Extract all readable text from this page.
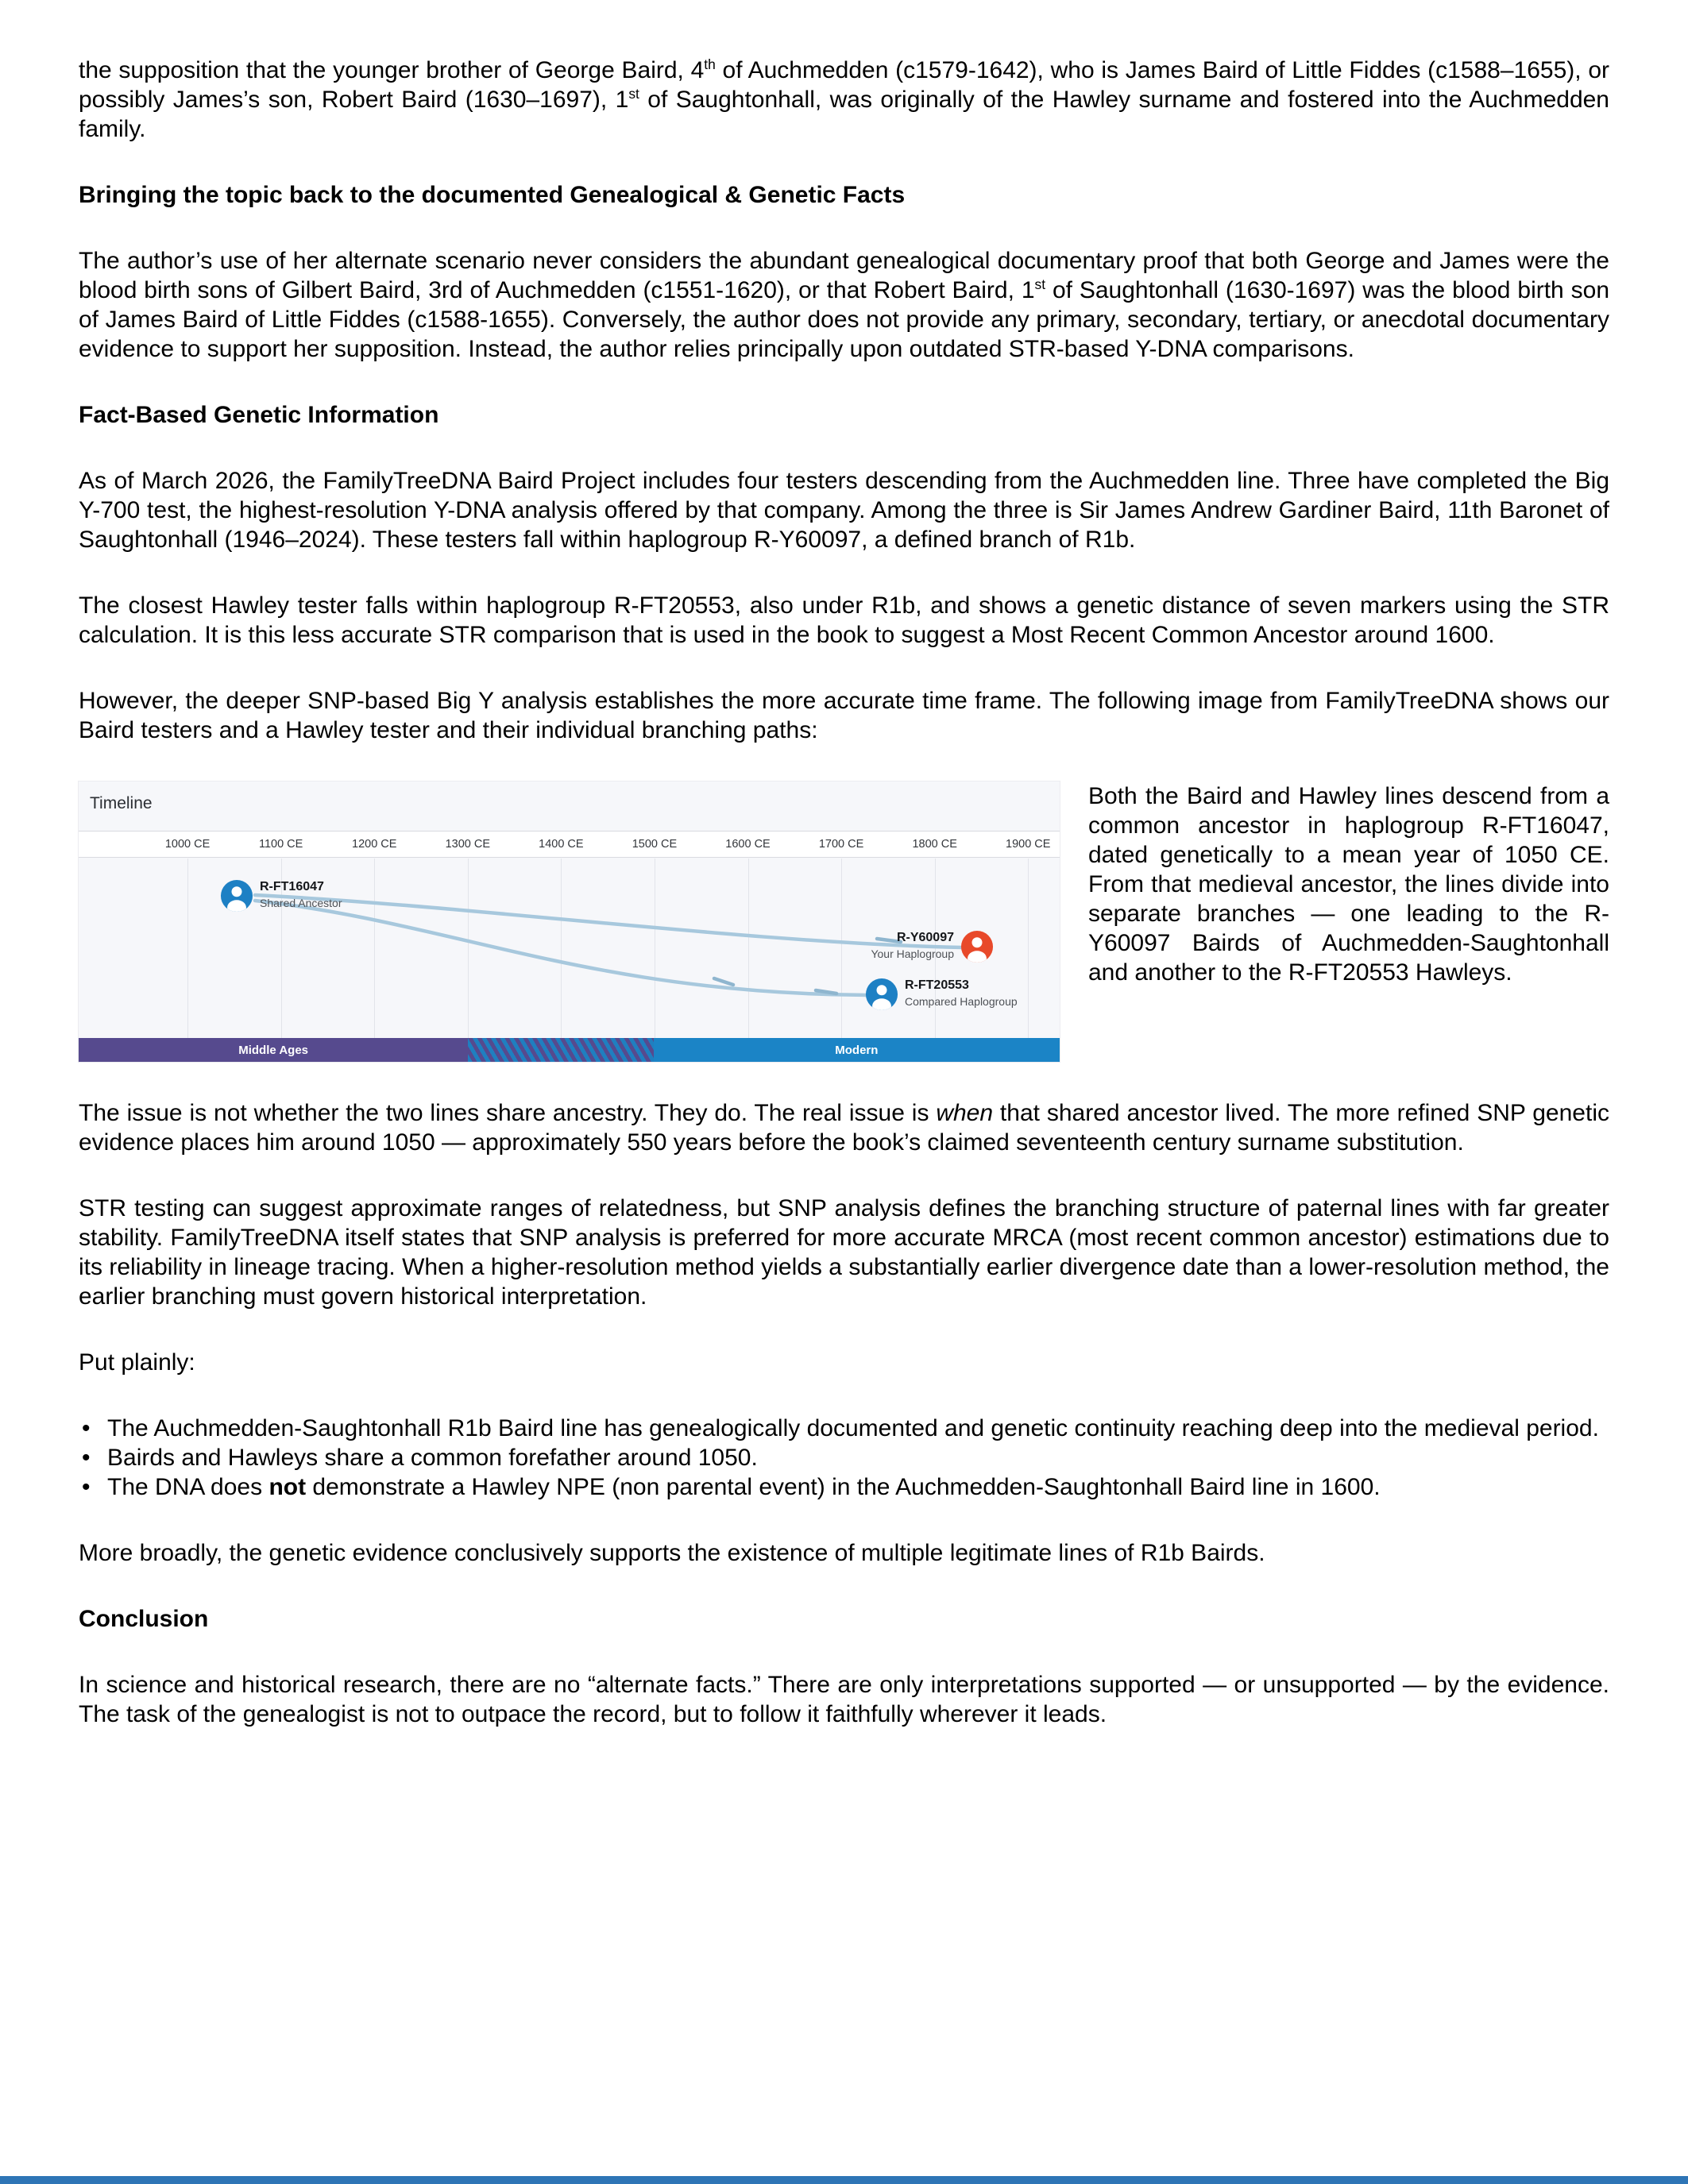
the supposition that the younger brother of George Baird, 4th of Auchmedden (c1579-1642), who is James Baird of Little Fiddes (c1588–1655), or possibly James’s son, Robert Baird (1630–1697), 1st of Saughtonhall, was originally of the Hawley surname and fostered into the Auchmedden family.

Bringing the topic back to the documented Genealogical & Genetic Facts

The author’s use of her alternate scenario never considers the abundant genealogical documentary proof that both George and James were the blood birth sons of Gilbert Baird, 3rd of Auchmedden (c1551-1620), or that Robert Baird, 1st of Saughtonhall (1630-1697) was the blood birth son of James Baird of Little Fiddes (c1588-1655). Conversely, the author does not provide any primary, secondary, tertiary, or anecdotal documentary evidence to support her supposition. Instead, the author relies principally upon outdated STR-based Y-DNA comparisons.

Fact-Based Genetic Information

As of March 2026, the FamilyTreeDNA Baird Project includes four testers descending from the Auchmedden line. Three have completed the Big Y-700 test, the highest-resolution Y-DNA analysis offered by that company. Among the three is Sir James Andrew Gardiner Baird, 11th Baronet of Saughtonhall (1946–2024). These testers fall within haplogroup R-Y60097, a defined branch of R1b.

The closest Hawley tester falls within haplogroup R-FT20553, also under R1b, and shows a genetic distance of seven markers using the STR calculation. It is this less accurate STR comparison that is used in the book to suggest a Most Recent Common Ancestor around 1600.

However, the deeper SNP-based Big Y analysis establishes the more accurate time frame. The following image from FamilyTreeDNA shows our Baird testers and a Hawley tester and their individual branching paths:

Timeline
1000 CE	1100 CE	1200 CE	1300 CE	1400 CE	1500 CE	1600 CE	1700 CE	1800 CE	1900 CE
R-FT16047
Shared Ancestor
R-Y60097
Your Haplogroup
R-FT20553
Compared Haplogroup
Middle Ages	Modern

Both the Baird and Hawley lines descend from a common ancestor in haplogroup R-FT16047, dated genetically to a mean year of 1050 CE. From that medieval ancestor, the lines divide into separate branches — one leading to the R-Y60097 Bairds of Auchmedden-Saughtonhall and another to the R-FT20553 Hawleys.

The issue is not whether the two lines share ancestry. They do. The real issue is when that shared ancestor lived. The more refined SNP genetic evidence places him around 1050 — approximately 550 years before the book’s claimed seventeenth century surname substitution.

STR testing can suggest approximate ranges of relatedness, but SNP analysis defines the branching structure of paternal lines with far greater stability. FamilyTreeDNA itself states that SNP analysis is preferred for more accurate MRCA (most recent common ancestor) estimations due to its reliability in lineage tracing. When a higher-resolution method yields a substantially earlier divergence date than a lower-resolution method, the earlier branching must govern historical interpretation.

Put plainly:

• The Auchmedden-Saughtonhall R1b Baird line has genealogically documented and genetic continuity reaching deep into the medieval period.
• Bairds and Hawleys share a common forefather around 1050.
• The DNA does not demonstrate a Hawley NPE (non parental event) in the Auchmedden-Saughtonhall Baird line in 1600.

More broadly, the genetic evidence conclusively supports the existence of multiple legitimate lines of R1b Bairds.

Conclusion

In science and historical research, there are no “alternate facts.” There are only interpretations supported — or unsupported — by the evidence. The task of the genealogist is not to outpace the record, but to follow it faithfully wherever it leads.
